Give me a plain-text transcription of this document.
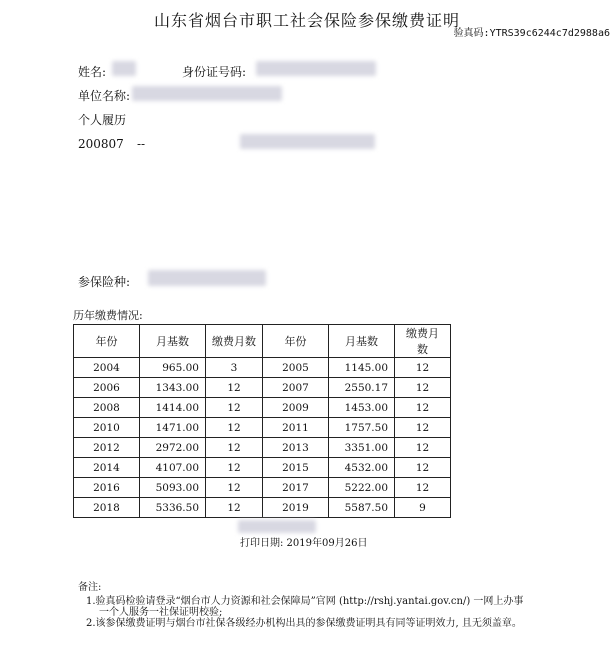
山东省烟台市职工社会保险参保缴费证明
验真码:YTRS39c6244c7d2988a6
姓名:	身份证号码:
单位名称:
个人履历
200807 --
参保险种:
历年缴费情况:
年份	月基数	缴费月数	年份	月基数	缴费月数
2004	965.00	3	2005	1145.00	12
2006	1343.00	12	2007	2550.17	12
2008	1414.00	12	2009	1453.00	12
2010	1471.00	12	2011	1757.50	12
2012	2972.00	12	2013	3351.00	12
2014	4107.00	12	2015	4532.00	12
2016	5093.00	12	2017	5222.00	12
2018	5336.50	12	2019	5587.50	9
打印日期: 2019年09月26日
备注:
1.验真码检验请登录“烟台市人力资源和社会保障局”官网 (http://rshj.yantai.gov.cn/) 一网上办事
一个人服务一社保证明校验;
2.该参保缴费证明与烟台市社保各级经办机构出具的参保缴费证明具有同等证明效力, 且无须盖章。
